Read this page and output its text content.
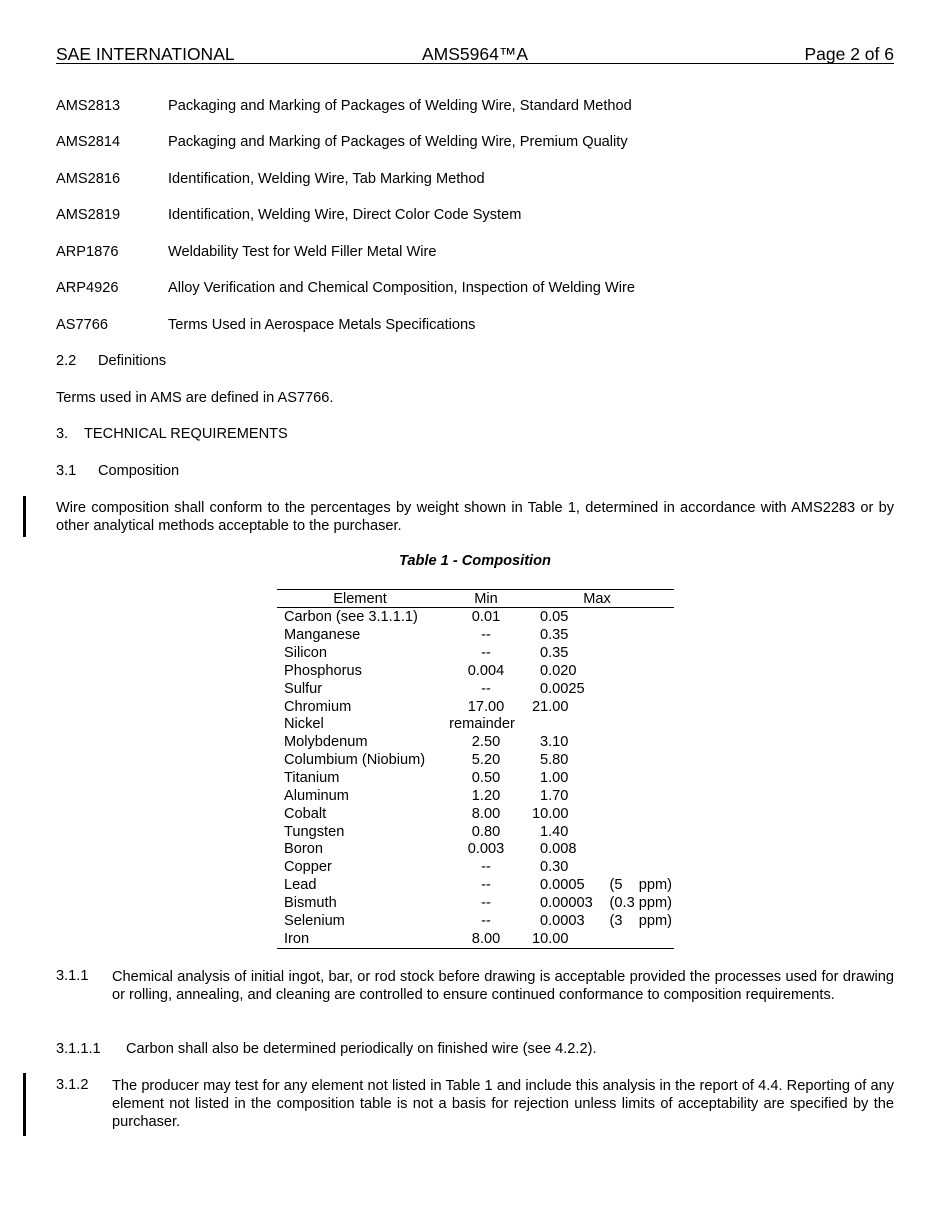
SAE INTERNATIONAL	AMS5964™A	Page 2 of 6
AMS2813	Packaging and Marking of Packages of Welding Wire, Standard Method
AMS2814	Packaging and Marking of Packages of Welding Wire, Premium Quality
AMS2816	Identification, Welding Wire, Tab Marking Method
AMS2819	Identification, Welding Wire, Direct Color Code System
ARP1876	Weldability Test for Weld Filler Metal Wire
ARP4926	Alloy Verification and Chemical Composition, Inspection of Welding Wire
AS7766	Terms Used in Aerospace Metals Specifications
2.2 Definitions
Terms used in AMS are defined in AS7766.
3. TECHNICAL REQUIREMENTS
3.1 Composition
Wire composition shall conform to the percentages by weight shown in Table 1, determined in accordance with AMS2283 or by other analytical methods acceptable to the purchaser.
Table 1 - Composition
Element	Min	Max
Carbon (see 3.1.1.1)	0.01	0.05
Manganese	--	0.35
Silicon	--	0.35
Phosphorus	0.004	0.020
Sulfur	--	0.0025
Chromium	17.00	21.00
Nickel	remainder
Molybdenum	2.50	3.10
Columbium (Niobium)	5.20	5.80
Titanium	0.50	1.00
Aluminum	1.20	1.70
Cobalt	8.00	10.00
Tungsten	0.80	1.40
Boron	0.003	0.008
Copper	--	0.30
Lead	--	0.0005	(5    ppm)
Bismuth	--	0.00003	(0.3 ppm)
Selenium	--	0.0003	(3    ppm)
Iron	8.00	10.00
3.1.1 Chemical analysis of initial ingot, bar, or rod stock before drawing is acceptable provided the processes used for drawing or rolling, annealing, and cleaning are controlled to ensure continued conformance to composition requirements.
3.1.1.1 Carbon shall also be determined periodically on finished wire (see 4.2.2).
3.1.2 The producer may test for any element not listed in Table 1 and include this analysis in the report of 4.4. Reporting of any element not listed in the composition table is not a basis for rejection unless limits of acceptability are specified by the purchaser.
